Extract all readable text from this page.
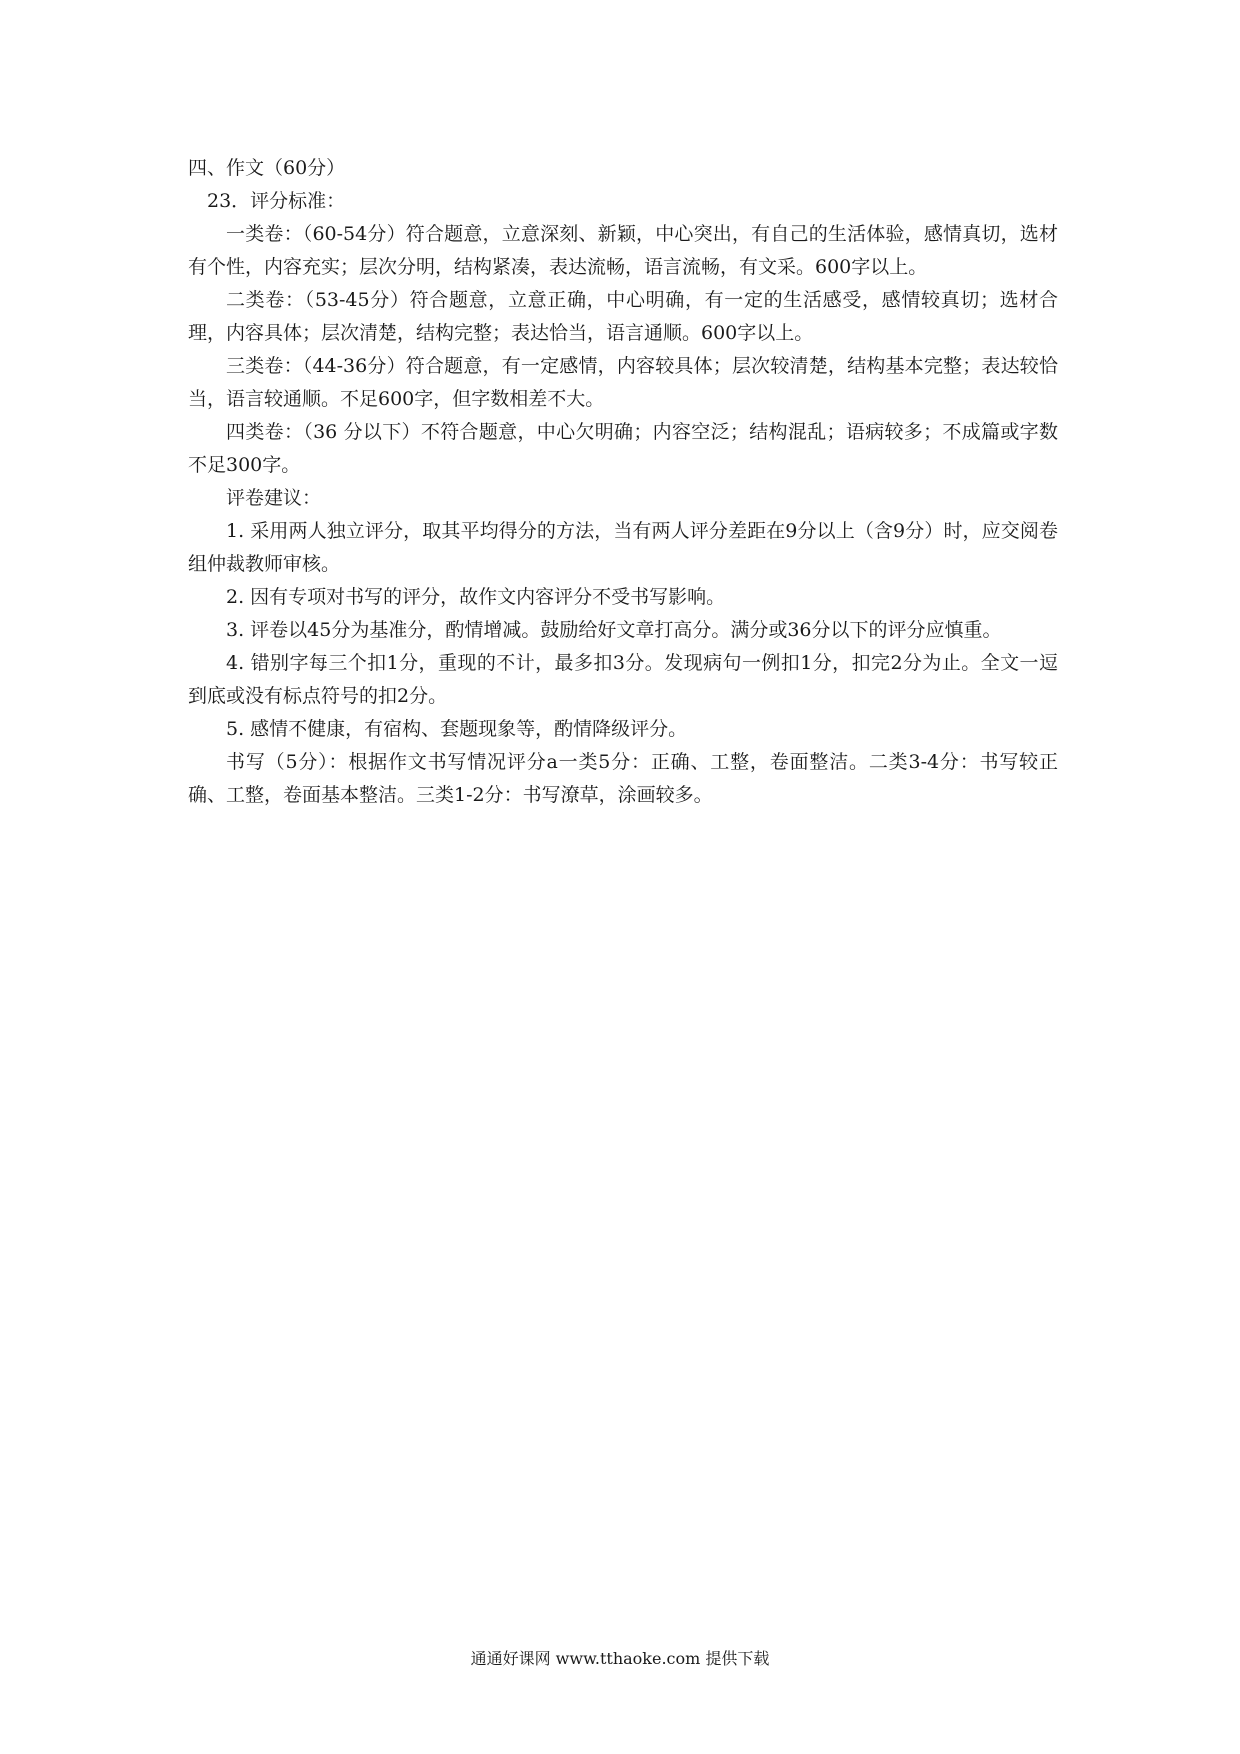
四、作文（60分）

23．评分标准：

一类卷：（60-54分）符合题意，立意深刻、新颖，中心突出，有自己的生活体验，感情真切，选材有个性，内容充实；层次分明，结构紧凑，表达流畅，语言流畅，有文采。600字以上。

二类卷：（53-45分）符合题意，立意正确，中心明确，有一定的生活感受，感情较真切；选材合理，内容具体；层次清楚，结构完整；表达恰当，语言通顺。600字以上。

三类卷：（44-36分）符合题意，有一定感情，内容较具体；层次较清楚，结构基本完整；表达较恰当，语言较通顺。不足600字，但字数相差不大。

四类卷：（36 分以下）不符合题意，中心欠明确；内容空泛；结构混乱；语病较多；不成篇或字数不足300字。

评卷建议：

1. 采用两人独立评分，取其平均得分的方法，当有两人评分差距在9分以上（含9分）时，应交阅卷组仲裁教师审核。

2. 因有专项对书写的评分，故作文内容评分不受书写影响。

3. 评卷以45分为基准分，酌情增减。鼓励给好文章打高分。满分或36分以下的评分应慎重。

4. 错别字每三个扣1分，重现的不计，最多扣3分。发现病句一例扣1分，扣完2分为止。全文一逗到底或没有标点符号的扣2分。

5. 感情不健康，有宿构、套题现象等，酌情降级评分。

书写（5分）：根据作文书写情况评分a一类5分：正确、工整，卷面整洁。二类3-4分：书写较正确、工整，卷面基本整洁。三类1-2分：书写潦草，涂画较多。

通通好课网 www.tthaoke.com 提供下载
